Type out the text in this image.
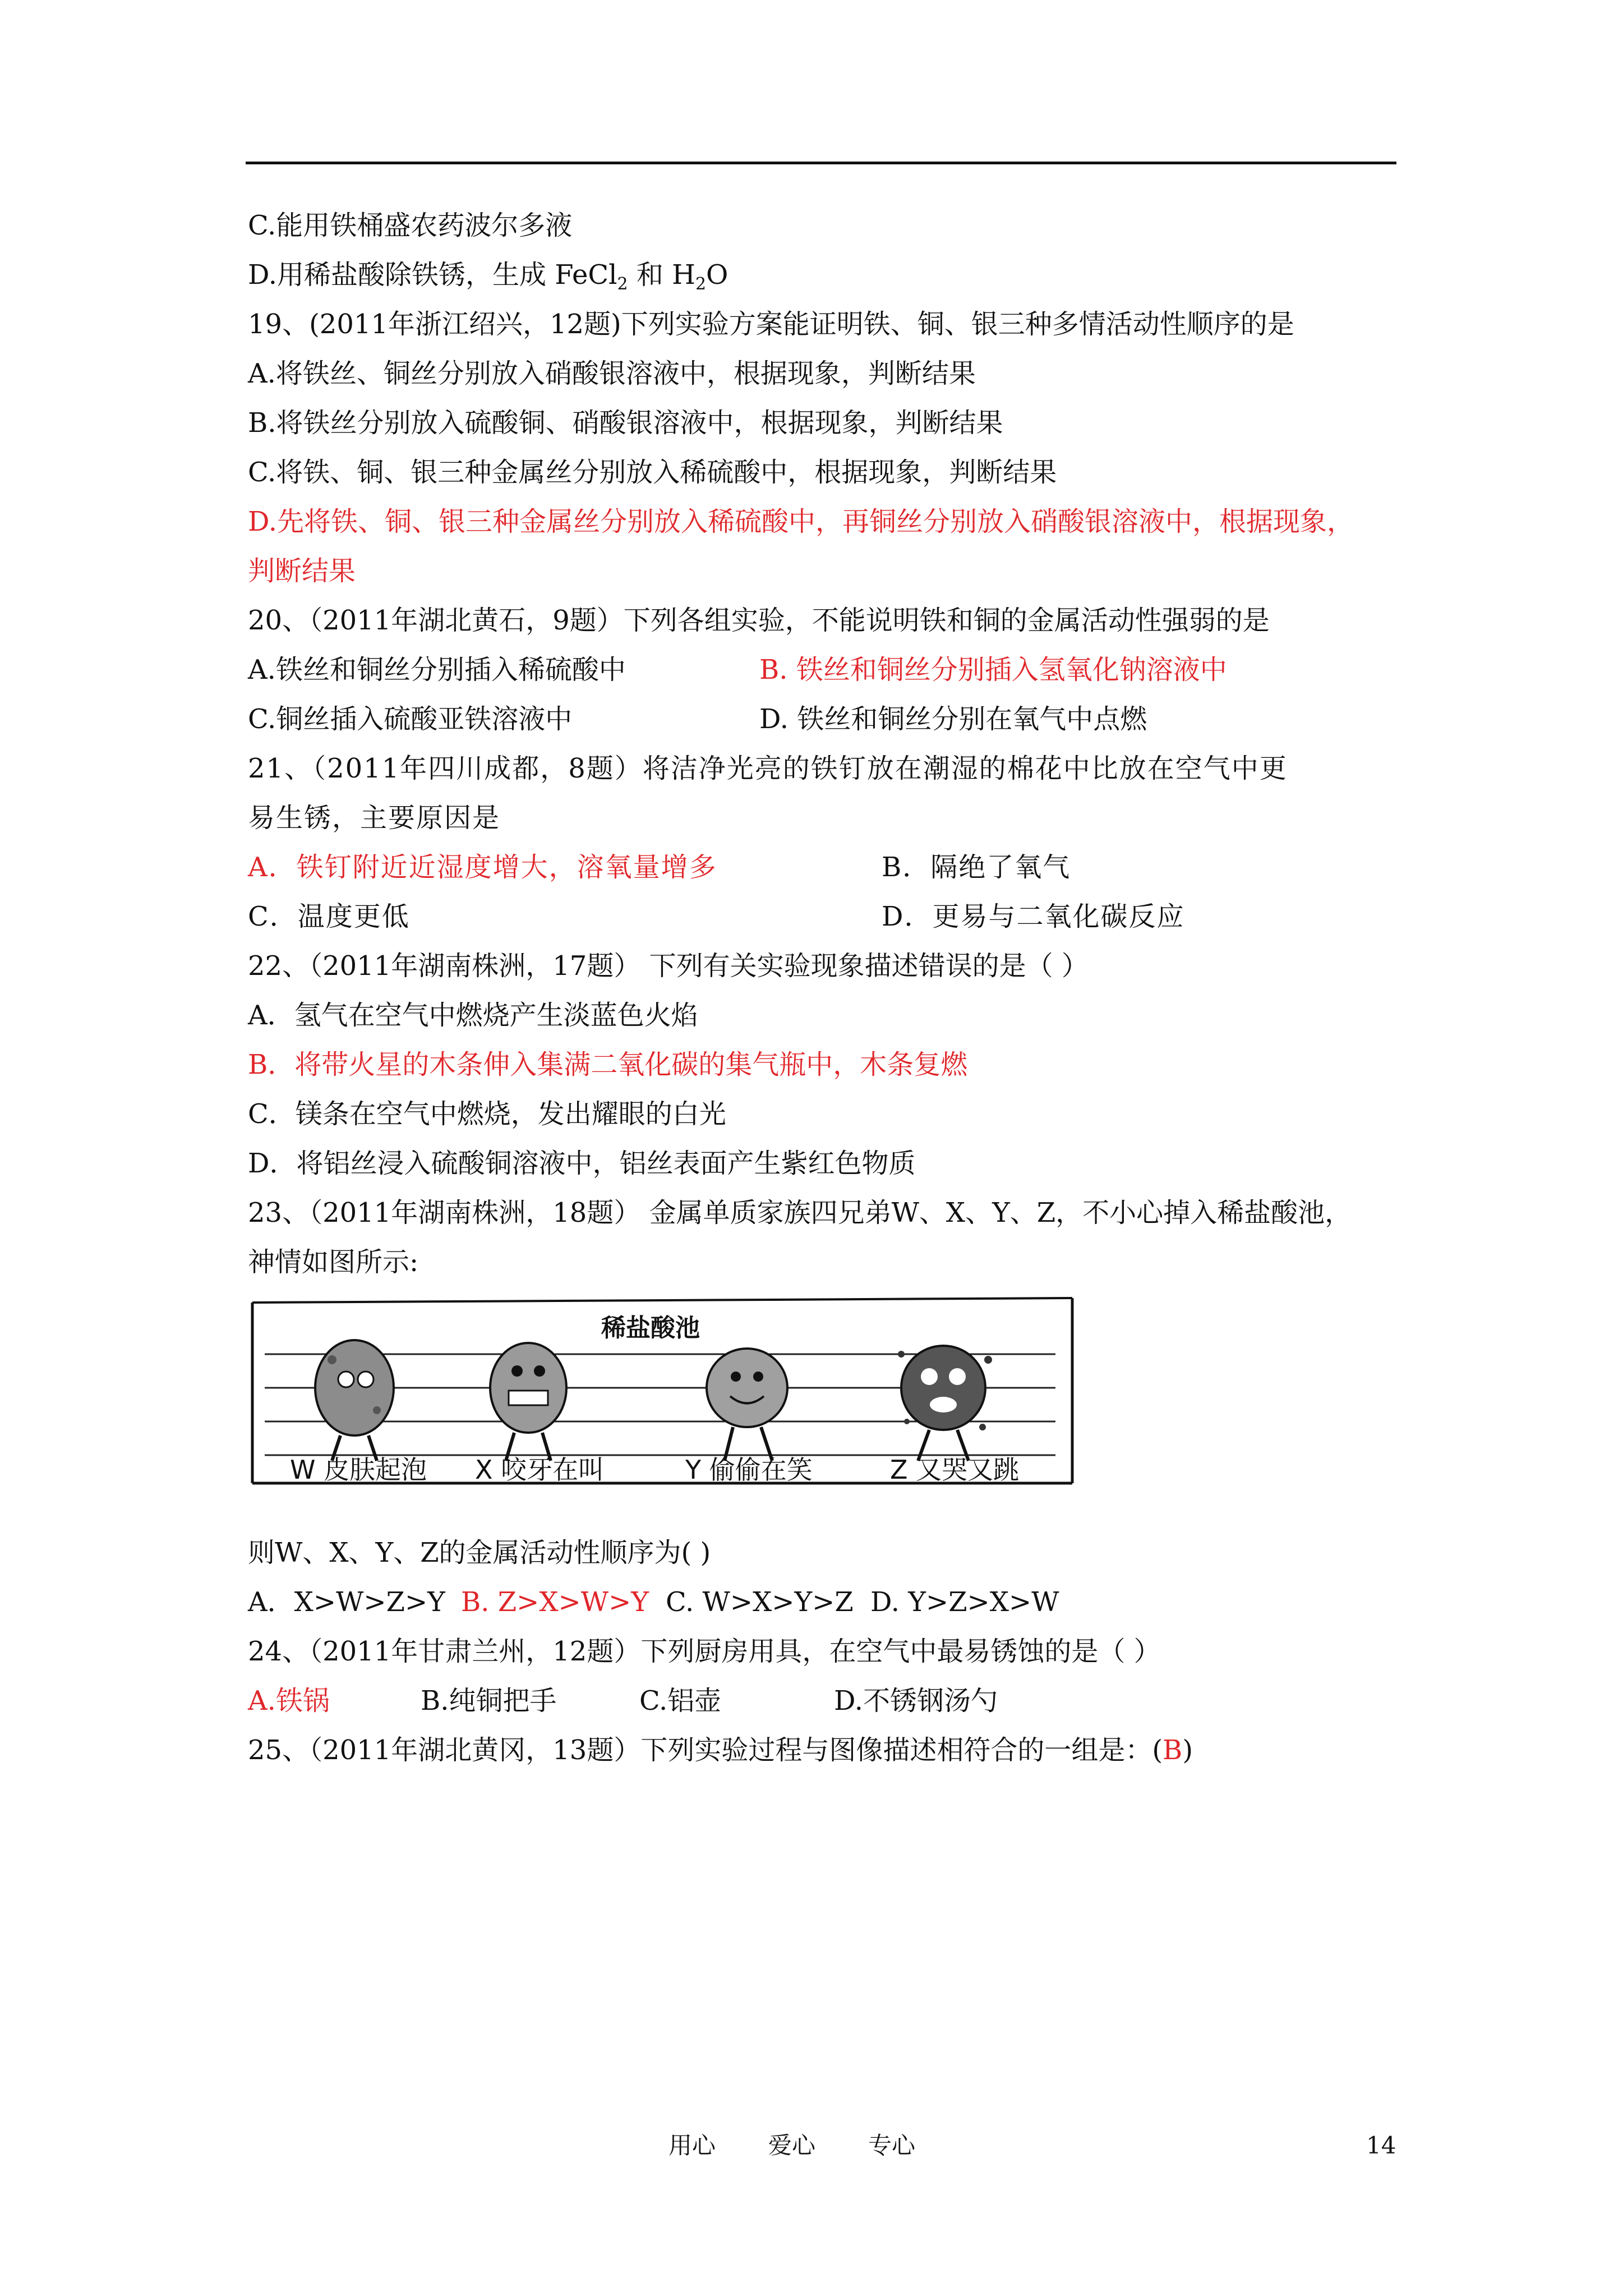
C.能用铁桶盛农药波尔多液
D.用稀盐酸除铁锈，生成 FeCl$_2$ 和 $H_2O$
19、(2011年浙江绍兴，12题)下列实验方案能证明铁、铜、银三种多情活动性顺序的是
A.将铁丝、铜丝分别放入硝酸银溶液中，根据现象，判断结果
B.将铁丝分别放入硫酸铜、硝酸银溶液中，根据现象，判断结果
C.将铁、铜、银三种金属丝分别放入稀硫酸中，根据现象，判断结果
D.先将铁、铜、银三种金属丝分别放入稀硫酸中，再铜丝分别放入硝酸银溶液中，根据现象，
判断结果
20、（2011年湖北黄石，9题）下列各组实验，不能说明铁和铜的金属活动性强弱的是
A.铁丝和铜丝分别插入稀硫酸中	B. 铁丝和铜丝分别插入氢氧化钠溶液中
C.铜丝插入硫酸亚铁溶液中	D. 铁丝和铜丝分别在氧气中点燃
21、（2011年四川成都，8题）将洁净光亮的铁钉放在潮湿的棉花中比放在空气中更
易生锈，主要原因是
A．铁钉附近近湿度增大，溶氧量增多	B．隔绝了氧气
C．温度更低	D．更易与二氧化碳反应
22、（2011年湖南株洲，17题） 下列有关实验现象描述错误的是（ ）
A．氢气在空气中燃烧产生淡蓝色火焰
B．将带火星的木条伸入集满二氧化碳的集气瓶中，木条复燃
C．镁条在空气中燃烧，发出耀眼的白光
D．将铝丝浸入硫酸铜溶液中，铝丝表面产生紫红色物质
23、（2011年湖南株洲，18题） 金属单质家族四兄弟W、X、Y、Z，不小心掉入稀盐酸池，
神情如图所示:
稀盐酸池
W 皮肤起泡 X 咬牙在叫	Y 偷偷在笑	Z 又哭又跳
则W、X、Y、Z的金属活动性顺序为( )
A．X>W>Z>Y B. Z>X>W>Y C. W>X>Y>Z D. Y>Z>X>W
24、（2011年甘肃兰州，12题）下列厨房用具，在空气中最易锈蚀的是（ ）
A.铁锅	B.纯铜把手	C.铝壶	D.不锈钢汤勺
25、（2011年湖北黄冈，13题）下列实验过程与图像描述相符合的一组是：(B)
用心 爱心 专心	14
